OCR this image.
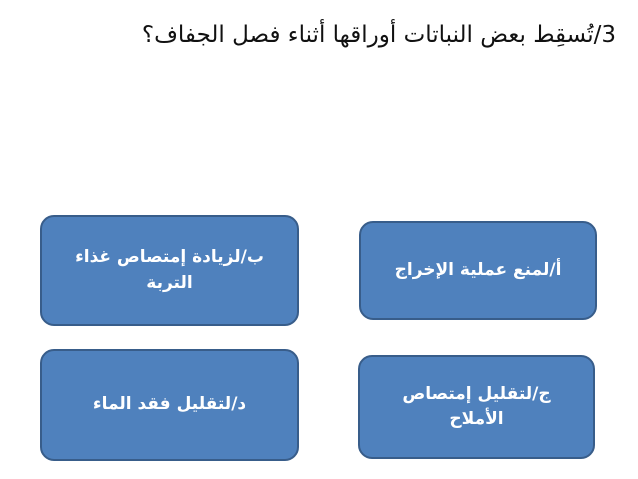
3/تُسقِط بعض النباتات أوراقها أثناء فصل الجفاف؟
أ/لمنع عملية الإخراج
ب/لزيادة إمتصاص غذاء التربة
ج/لتقليل إمتصاص الأملاح
د/لتقليل فقد الماء
